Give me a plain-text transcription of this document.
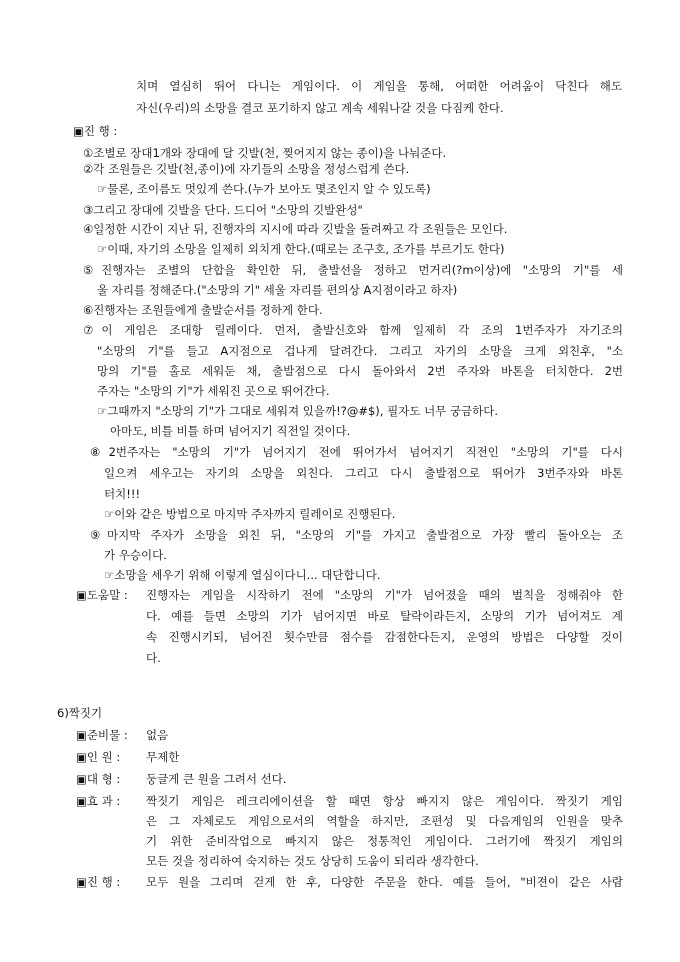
치며 열심히 뛰어 다니는 게임이다. 이 게임을 통해, 어떠한 어려움이 닥친다 해도
자신(우리)의 소망을 결코 포기하지 않고 계속 세워나갈 것을 다짐케 한다.
▣진 행 :
①조별로 장대1개와 장대에 달 깃발(천, 찢어지지 않는 종이)을 나눠준다.
②각 조원들은 깃발(천,종이)에 자기들의 소망을 정성스럽게 쓴다.
☞물론, 조이름도 멋있게 쓴다.(누가 보아도 몇조인지 알 수 있도록)
③그리고 장대에 깃발을 단다. 드디어 "소망의 깃발완성"
④일정한 시간이 지난 뒤, 진행자의 지시에 따라 깃발을 돌려짜고 각 조원들은 모인다.
☞이때, 자기의 소망을 일제히 외치게 한다.(때로는 조구호, 조가를 부르기도 한다)
⑤진행자는 조별의 단합을 확인한 뒤, 출발선을 정하고 먼거리(?m이상)에 "소망의 기"를 세
울 자리를 정해준다.("소망의 기" 세울 자리를 편의상 A지점이라고 하자)
⑥진행자는 조원들에게 출발순서를 정하게 한다.
⑦이 게임은 조대항 릴레이다. 먼저, 출발신호와 함께 일제히 각 조의 1번주자가 자기조의
"소망의 기"를 들고 A지점으로 겁나게 달려간다. 그리고 자기의 소망을 크게 외친후, "소
망의 기"를 홀로 세워둔 채, 출발점으로 다시 돌아와서 2번 주자와 바톤을 터치한다. 2번
주자는 "소망의 기"가 세워진 곳으로 뛰어간다.
☞그때까지 "소망의 기"가 그대로 세워져 있을까!?@#$), 필자도 너무 궁금하다.
아마도, 비틀 비틀 하며 넘어지기 직전일 것이다.
⑧2번주자는 "소망의 기"가 넘어지기 전에 뛰어가서 넘어지기 직전인 "소망의 기"를 다시
일으켜 세우고는 자기의 소망을 외친다. 그리고 다시 출발점으로 뛰어가 3번주자와 바톤
터치!!!
☞이와 같은 방법으로 마지막 주자까지 릴레이로 진행된다.
⑨마지막 주자가 소망을 외친 뒤, "소망의 기"를 가지고 출발점으로 가장 빨리 돌아오는 조
가 우승이다.
☞소망을 세우기 위해 이렇게 열심이다니... 대단합니다.
▣도움말 : 진행자는 게임을 시작하기 전에 "소망의 기"가 넘어졌을 때의 벌칙을 정해줘야 한
다. 예를 들면 소망의 기가 넘어지면 바로 탈락이라든지, 소망의 기가 넘어져도 계
속 진행시키되, 넘어진 횟수만큼 점수를 감점한다든지, 운영의 방법은 다양할 것이
다.
6)짝짓기
▣준비물 : 없음
▣인 원 : 무제한
▣대 형 : 둥글게 큰 원을 그려서 선다.
▣효 과 : 짝짓기 게임은 레크리에이션을 할 때면 항상 빠지지 않은 게임이다. 짝짓기 게임
은 그 자체로도 게임으로서의 역할을 하지만, 조편성 및 다음게임의 인원을 맞추
기 위한 준비작업으로 빠지지 않은 정통적인 게임이다. 그러기에 짝짓기 게임의
모든 것을 정리하여 숙지하는 것도 상당히 도움이 되리라 생각한다.
▣진 행 : 모두 원을 그리며 걷게 한 후, 다양한 주문을 한다. 예를 들어, "비젼이 같은 사람
